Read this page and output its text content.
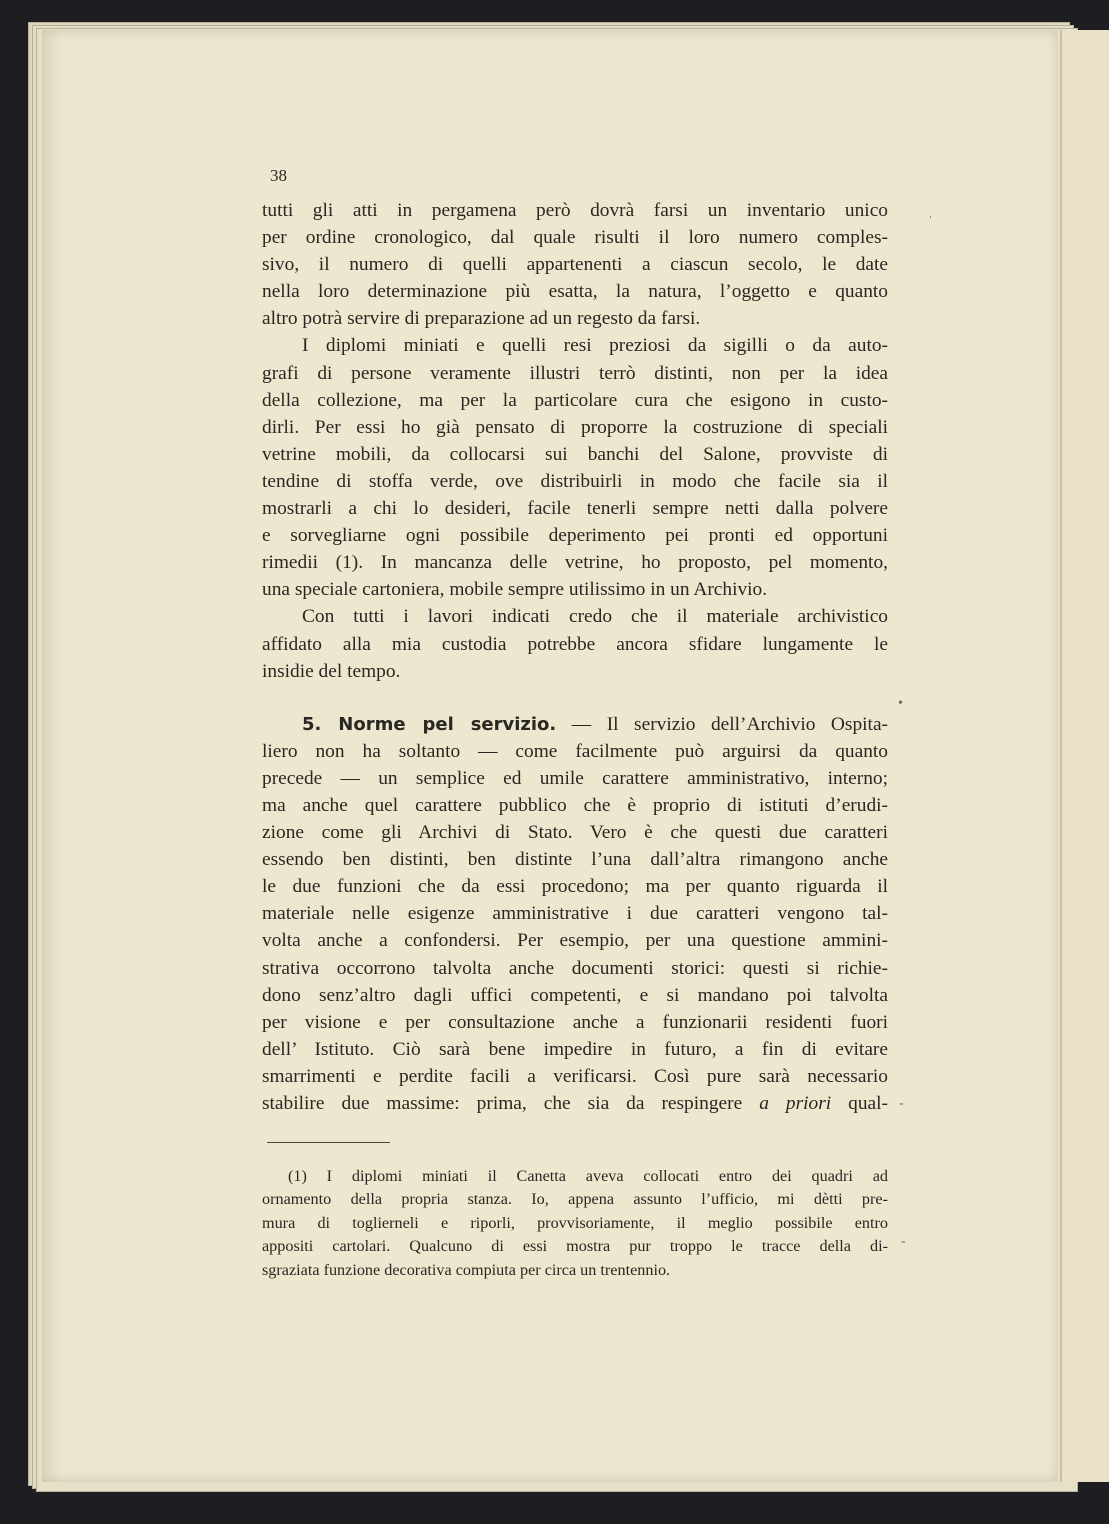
38
tutti gli atti in pergamena però dovrà farsi un inventario unico
per ordine cronologico, dal quale risulti il loro numero comples-
sivo, il numero di quelli appartenenti a ciascun secolo, le date
nella loro determinazione più esatta, la natura, l’oggetto e quanto
altro potrà servire di preparazione ad un regesto da farsi.
I diplomi miniati e quelli resi preziosi da sigilli o da auto-
grafi di persone veramente illustri terrò distinti, non per la idea
della collezione, ma per la particolare cura che esigono in custo-
dirli. Per essi ho già pensato di proporre la costruzione di speciali
vetrine mobili, da collocarsi sui banchi del Salone, provviste di
tendine di stoffa verde, ove distribuirli in modo che facile sia il
mostrarli a chi lo desideri, facile tenerli sempre netti dalla polvere
e sorvegliarne ogni possibile deperimento pei pronti ed opportuni
rimedii (1). In mancanza delle vetrine, ho proposto, pel momento,
una speciale cartoniera, mobile sempre utilissimo in un Archivio.
Con tutti i lavori indicati credo che il materiale archivistico
affidato alla mia custodia potrebbe ancora sfidare lungamente le
insidie del tempo.
5. Norme pel servizio. — Il servizio dell’Archivio Ospita-
liero non ha soltanto — come facilmente può arguirsi da quanto
precede — un semplice ed umile carattere amministrativo, interno;
ma anche quel carattere pubblico che è proprio di istituti d’erudi-
zione come gli Archivi di Stato. Vero è che questi due caratteri
essendo ben distinti, ben distinte l’una dall’altra rimangono anche
le due funzioni che da essi procedono; ma per quanto riguarda il
materiale nelle esigenze amministrative i due caratteri vengono tal-
volta anche a confondersi. Per esempio, per una questione ammini-
strativa occorrono talvolta anche documenti storici: questi si richie-
dono senz’altro dagli uffici competenti, e si mandano poi talvolta
per visione e per consultazione anche a funzionarii residenti fuori
dell’ Istituto. Ciò sarà bene impedire in futuro, a fin di evitare
smarrimenti e perdite facili a verificarsi. Così pure sarà necessario
stabilire due massime: prima, che sia da respingere a priori qual-
(1) I diplomi miniati il Canetta aveva collocati entro dei quadri ad
ornamento della propria stanza. Io, appena assunto l’ufficio, mi dètti pre-
mura di toglierneli e riporli, provvisoriamente, il meglio possibile entro
appositi cartolari. Qualcuno di essi mostra pur troppo le tracce della di-
sgraziata funzione decorativa compiuta per circa un trentennio.
ˌ
-
-
•
